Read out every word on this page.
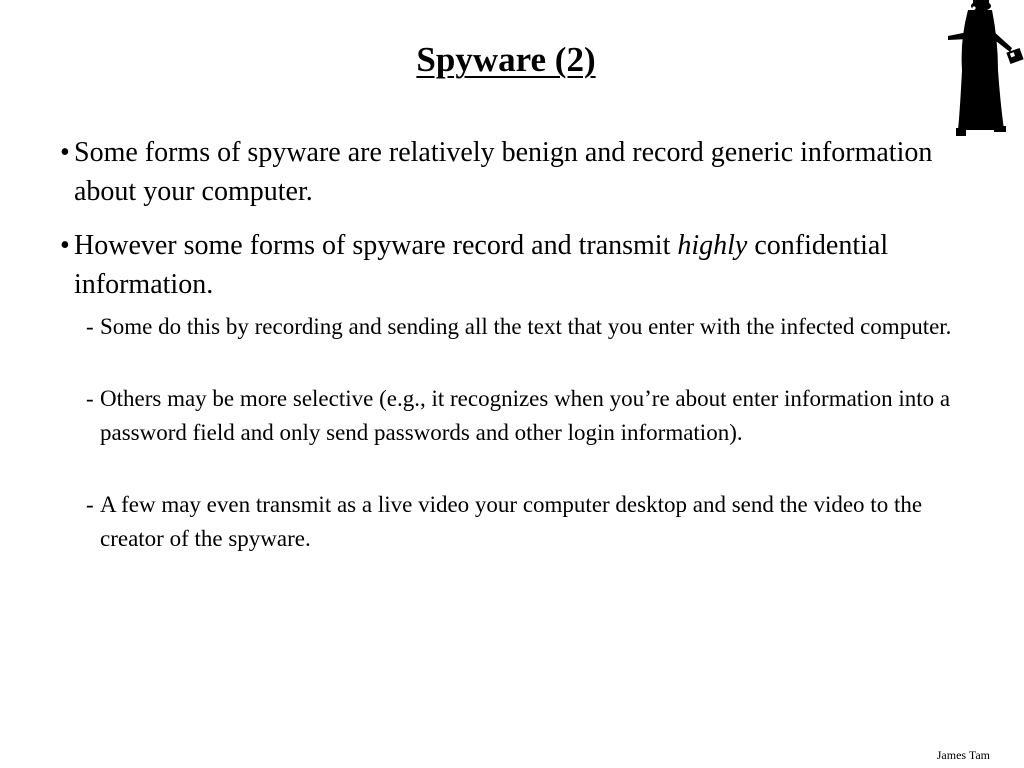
Spyware (2)
• Some forms of spyware are relatively benign and record generic information about your computer.
• However some forms of spyware record and transmit highly confidential information.
- Some do this by recording and sending all the text that you enter with the infected computer.
- Others may be more selective (e.g., it recognizes when you’re about enter information into a password field and only send passwords and other login information).
- A few may even transmit as a live video your computer desktop and send the video to the creator of the spyware.
James Tam
